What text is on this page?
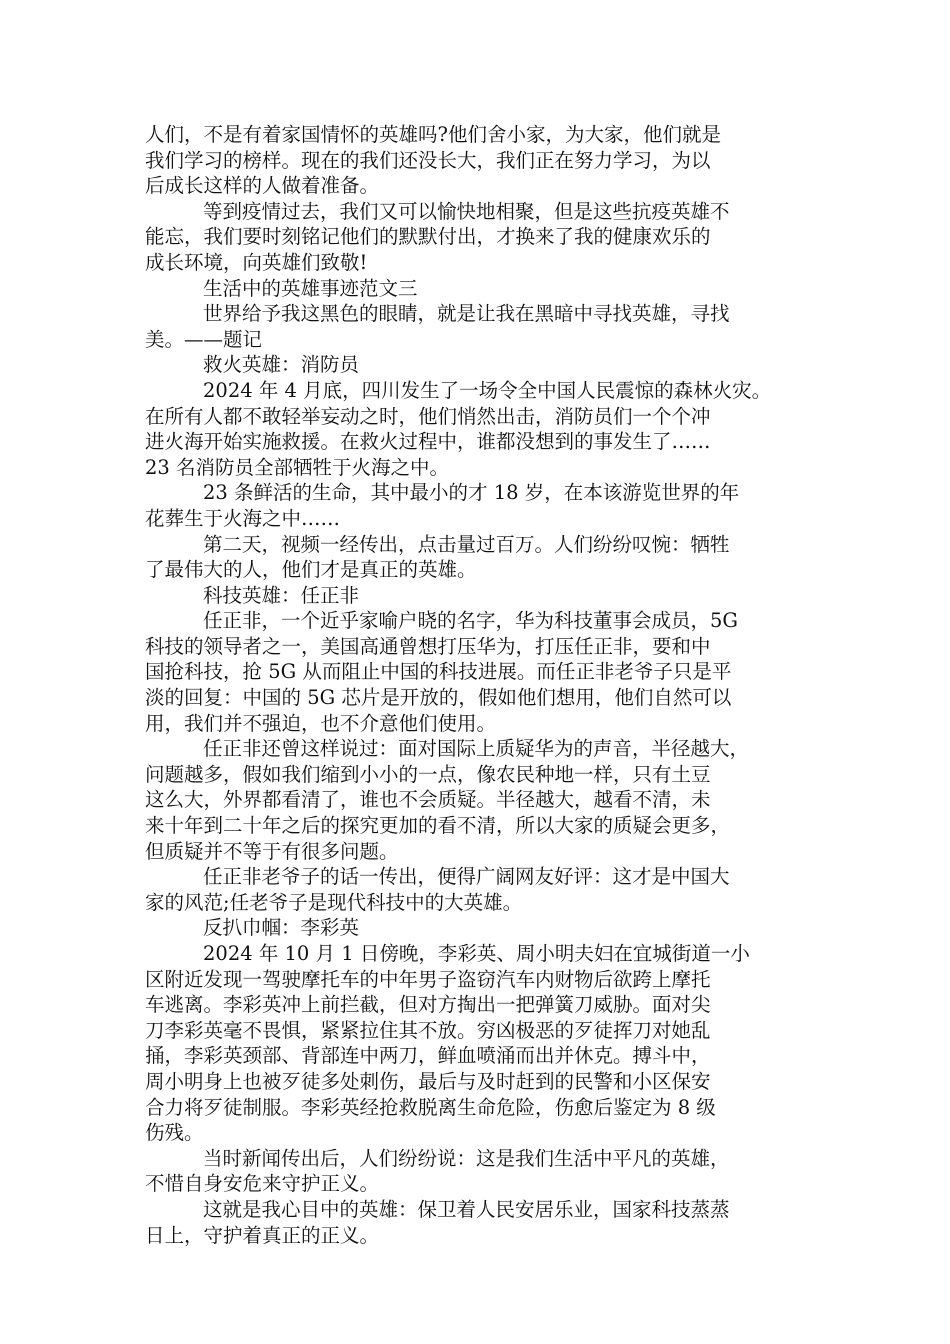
人们，不是有着家国情怀的英雄吗?他们舍小家，为大家，他们就是
我们学习的榜样。现在的我们还没长大，我们正在努力学习，为以
后成长这样的人做着准备。
等到疫情过去，我们又可以愉快地相聚，但是这些抗疫英雄不
能忘，我们要时刻铭记他们的默默付出，才换来了我的健康欢乐的
成长环境，向英雄们致敬!
生活中的英雄事迹范文三
世界给予我这黑色的眼睛，就是让我在黑暗中寻找英雄，寻找
美。——题记
救火英雄：消防员
2024 年 4 月底，四川发生了一场令全中国人民震惊的森林火灾。
在所有人都不敢轻举妄动之时，他们悄然出击，消防员们一个个冲
进火海开始实施救援。在救火过程中，谁都没想到的事发生了……
23 名消防员全部牺牲于火海之中。
23 条鲜活的生命，其中最小的才 18 岁，在本该游览世界的年
花葬生于火海之中……
第二天，视频一经传出，点击量过百万。人们纷纷叹惋：牺牲
了最伟大的人，他们才是真正的英雄。
科技英雄：任正非
任正非，一个近乎家喻户晓的名字，华为科技董事会成员，5G
科技的领导者之一，美国高通曾想打压华为，打压任正非，要和中
国抢科技，抢 5G 从而阻止中国的科技进展。而任正非老爷子只是平
淡的回复：中国的 5G 芯片是开放的，假如他们想用，他们自然可以
用，我们并不强迫，也不介意他们使用。
任正非还曾这样说过：面对国际上质疑华为的声音，半径越大，
问题越多，假如我们缩到小小的一点，像农民种地一样，只有土豆
这么大，外界都看清了，谁也不会质疑。半径越大，越看不清，未
来十年到二十年之后的探究更加的看不清，所以大家的质疑会更多，
但质疑并不等于有很多问题。
任正非老爷子的话一传出，便得广阔网友好评：这才是中国大
家的风范;任老爷子是现代科技中的大英雄。
反扒巾帼：李彩英
2024 年 10 月 1 日傍晚，李彩英、周小明夫妇在宜城街道一小
区附近发现一驾驶摩托车的中年男子盗窃汽车内财物后欲跨上摩托
车逃离。李彩英冲上前拦截，但对方掏出一把弹簧刀威胁。面对尖
刀李彩英毫不畏惧，紧紧拉住其不放。穷凶极恶的歹徒挥刀对她乱
捅，李彩英颈部、背部连中两刀，鲜血喷涌而出并休克。搏斗中，
周小明身上也被歹徒多处刺伤，最后与及时赶到的民警和小区保安
合力将歹徒制服。李彩英经抢救脱离生命危险，伤愈后鉴定为 8 级
伤残。
当时新闻传出后，人们纷纷说：这是我们生活中平凡的英雄，
不惜自身安危来守护正义。
这就是我心目中的英雄：保卫着人民安居乐业，国家科技蒸蒸
日上，守护着真正的正义。
